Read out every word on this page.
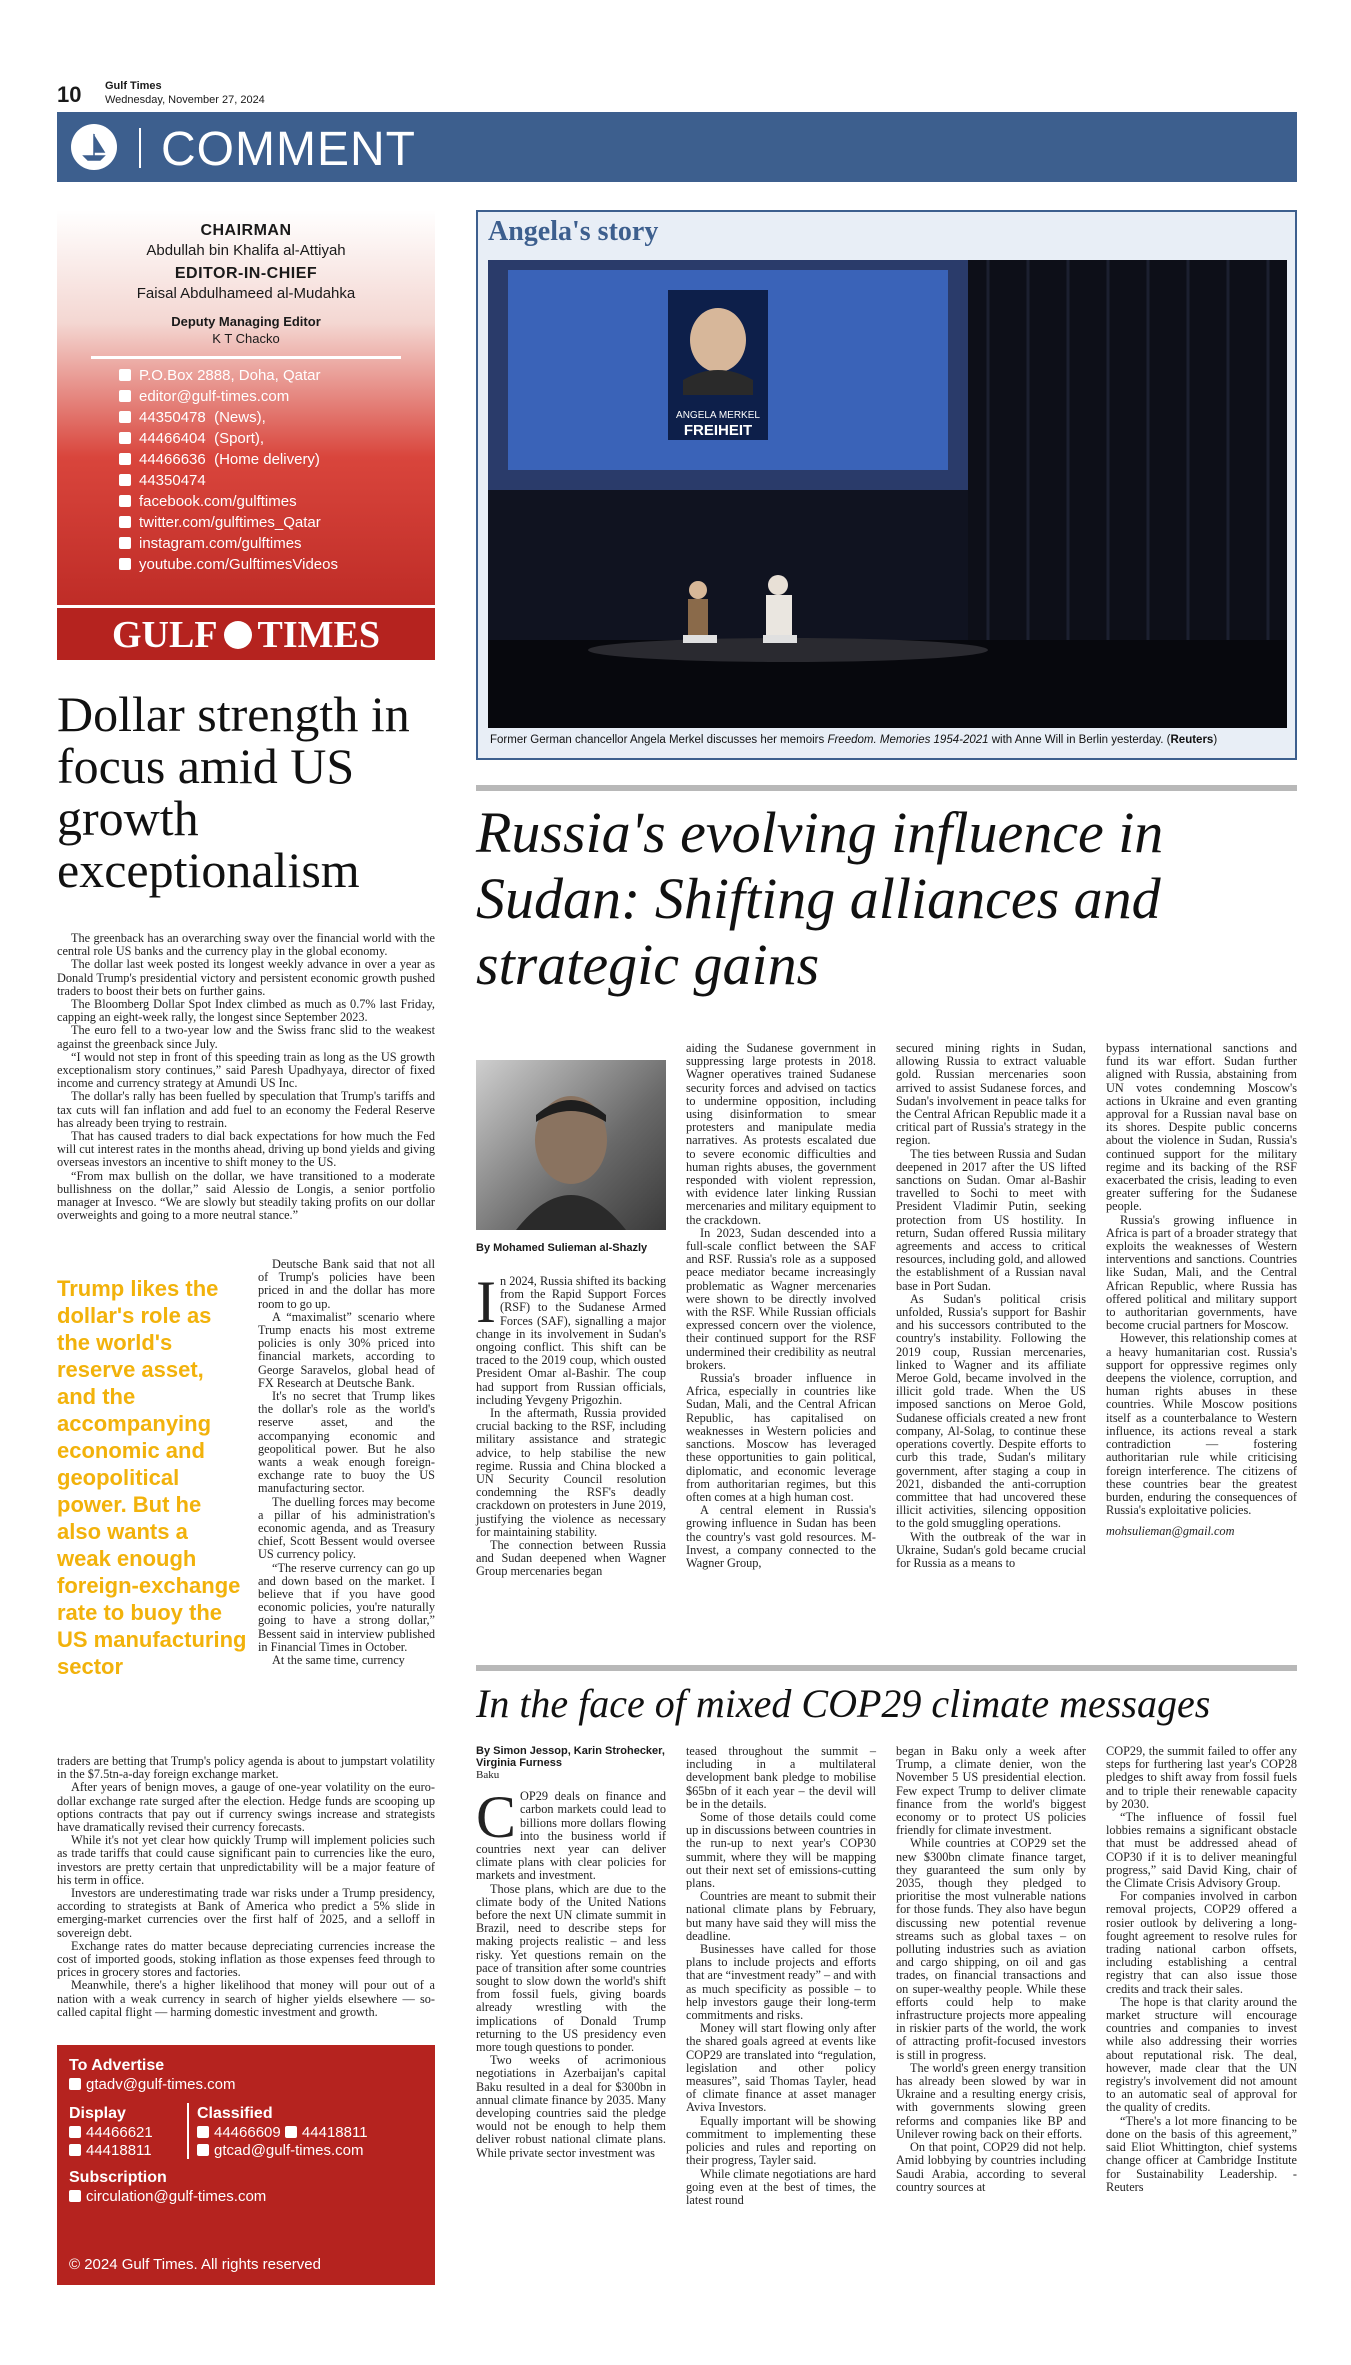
10 Gulf Times
Wednesday, November 27, 2024
COMMENT
CHAIRMAN
Abdullah bin Khalifa al-Attiyah
EDITOR-IN-CHIEF
Faisal Abdulhameed al-Mudahka
Deputy Managing Editor
K T Chacko
P.O.Box 2888, Doha, Qatar
editor@gulf-times.com
44350478  (News),
44466404  (Sport),
44466636  (Home delivery)
44350474
facebook.com/gulftimes
twitter.com/gulftimes_Qatar
instagram.com/gulftimes
youtube.com/GulftimesVideos
GULF TIMES
Dollar strength in focus amid US growth exceptionalism

The greenback has an overarching sway over the financial world with the central role US banks and the currency play in the global economy.

The dollar last week posted its longest weekly advance in over a year as Donald Trump's presidential victory and persistent economic growth pushed traders to boost their bets on further gains.

The Bloomberg Dollar Spot Index climbed as much as 0.7% last Friday, capping an eight-week rally, the longest since September 2023.

The euro fell to a two-year low and the Swiss franc slid to the weakest against the greenback since July.

“I would not step in front of this speeding train as long as the US growth exceptionalism story continues,” said Paresh Upadhyaya, director of fixed income and currency strategy at Amundi US Inc.

The dollar's rally has been fuelled by speculation that Trump's tariffs and tax cuts will fan inflation and add fuel to an economy the Federal Reserve has already been trying to restrain.

That has caused traders to dial back expectations for how much the Fed will cut interest rates in the months ahead, driving up bond yields and giving overseas investors an incentive to shift money to the US.

“From max bullish on the dollar, we have transitioned to a moderate bullishness on the dollar,” said Alessio de Longis, a senior portfolio manager at Invesco. “We are slowly but steadily taking profits on our dollar overweights and going to a more neutral stance.”

Trump likes the dollar's role as the world's reserve asset, and the accompanying economic and geopolitical power. But he also wants a weak enough foreign-exchange rate to buoy the US manufacturing sector

Deutsche Bank said that not all of Trump's policies have been priced in and the dollar has more room to go up.

A “maximalist” scenario where Trump enacts his most extreme policies is only 30% priced into financial markets, according to George Saravelos, global head of FX Research at Deutsche Bank.

It's no secret that Trump likes the dollar's role as the world's reserve asset, and the accompanying economic and geopolitical power. But he also wants a weak enough foreign-exchange rate to buoy the US manufacturing sector.

The duelling forces may become a pillar of his administration's economic agenda, and as Treasury chief, Scott Bessent would oversee US currency policy.

“The reserve currency can go up and down based on the market. I believe that if you have good economic policies, you're naturally going to have a strong dollar,” Bessent said in interview published in Financial Times in October.

At the same time, currency

traders are betting that Trump's policy agenda is about to jumpstart volatility in the $7.5tn-a-day foreign exchange market.

After years of benign moves, a gauge of one-year volatility on the euro-dollar exchange rate surged after the election. Hedge funds are scooping up options contracts that pay out if currency swings increase and strategists have dramatically revised their currency forecasts.

While it's not yet clear how quickly Trump will implement policies such as trade tariffs that could cause significant pain to currencies like the euro, investors are pretty certain that unpredictability will be a major feature of his term in office.

Investors are underestimating trade war risks under a Trump presidency, according to strategists at Bank of America who predict a 5% slide in emerging-market currencies over the first half of 2025, and a selloff in sovereign debt.

Exchange rates do matter because depreciating currencies increase the cost of imported goods, stoking inflation as those expenses feed through to prices in grocery stores and factories.

Meanwhile, there's a higher likelihood that money will pour out of a nation with a weak currency in search of higher yields elsewhere — so-called capital flight — harming domestic investment and growth.

To Advertise
gtadv@gulf-times.com
Display
44466621
44418811
Classified
44466609 44418811
gtcad@gulf-times.com
Subscription
circulation@gulf-times.com
© 2024 Gulf Times. All rights reserved
Angela's story
ANGELA MERKEL
FREIHEIT
Former German chancellor Angela Merkel discusses her memoirs Freedom. Memories 1954-2021 with Anne Will in Berlin yesterday. (Reuters)
Russia's evolving influence in Sudan: Shifting alliances and strategic gains
By Mohamed Sulieman al-Shazly

In 2024, Russia shifted its backing from the Rapid Support Forces (RSF) to the Sudanese Armed Forces (SAF), signalling a major change in its involvement in Sudan's ongoing conflict. This shift can be traced to the 2019 coup, which ousted President Omar al-Bashir. The coup had support from Russian officials, including Yevgeny Prigozhin.

In the aftermath, Russia provided crucial backing to the RSF, including military assistance and strategic advice, to help stabilise the new regime. Russia and China blocked a UN Security Council resolution condemning the RSF's deadly crackdown on protesters in June 2019, justifying the violence as necessary for maintaining stability.

The connection between Russia and Sudan deepened when Wagner Group mercenaries began

aiding the Sudanese government in suppressing large protests in 2018. Wagner operatives trained Sudanese security forces and advised on tactics to undermine opposition, including using disinformation to smear protesters and manipulate media narratives. As protests escalated due to severe economic difficulties and human rights abuses, the government responded with violent repression, with evidence later linking Russian mercenaries and military equipment to the crackdown.

In 2023, Sudan descended into a full-scale conflict between the SAF and RSF. Russia's role as a supposed peace mediator became increasingly problematic as Wagner mercenaries were shown to be directly involved with the RSF. While Russian officials expressed concern over the violence, their continued support for the RSF undermined their credibility as neutral brokers.

Russia's broader influence in Africa, especially in countries like Sudan, Mali, and the Central African Republic, has capitalised on weaknesses in Western policies and sanctions. Moscow has leveraged these opportunities to gain political, diplomatic, and economic leverage from authoritarian regimes, but this often comes at a high human cost.

A central element in Russia's growing influence in Sudan has been the country's vast gold resources. M-Invest, a company connected to the Wagner Group,

secured mining rights in Sudan, allowing Russia to extract valuable gold. Russian mercenaries soon arrived to assist Sudanese forces, and Sudan's involvement in peace talks for the Central African Republic made it a critical part of Russia's strategy in the region.

The ties between Russia and Sudan deepened in 2017 after the US lifted sanctions on Sudan. Omar al-Bashir travelled to Sochi to meet with President Vladimir Putin, seeking protection from US hostility. In return, Sudan offered Russia military agreements and access to critical resources, including gold, and allowed the establishment of a Russian naval base in Port Sudan.

As Sudan's political crisis unfolded, Russia's support for Bashir and his successors contributed to the country's instability. Following the 2019 coup, Russian mercenaries, linked to Wagner and its affiliate Meroe Gold, became involved in the illicit gold trade. When the US imposed sanctions on Meroe Gold, Sudanese officials created a new front company, Al-Solag, to continue these operations covertly. Despite efforts to curb this trade, Sudan's military government, after staging a coup in 2021, disbanded the anti-corruption committee that had uncovered these illicit activities, silencing opposition to the gold smuggling operations.

With the outbreak of the war in Ukraine, Sudan's gold became crucial for Russia as a means to

bypass international sanctions and fund its war effort. Sudan further aligned with Russia, abstaining from UN votes condemning Moscow's actions in Ukraine and even granting approval for a Russian naval base on its shores. Despite public concerns about the violence in Sudan, Russia's continued support for the military regime and its backing of the RSF exacerbated the crisis, leading to even greater suffering for the Sudanese people.

Russia's growing influence in Africa is part of a broader strategy that exploits the weaknesses of Western interventions and sanctions. Countries like Sudan, Mali, and the Central African Republic, where Russia has offered political and military support to authoritarian governments, have become crucial partners for Moscow.

However, this relationship comes at a heavy humanitarian cost. Russia's support for oppressive regimes only deepens the violence, corruption, and human rights abuses in these countries. While Moscow positions itself as a counterbalance to Western influence, its actions reveal a stark contradiction — fostering authoritarian rule while criticising foreign interference. The citizens of these countries bear the greatest burden, enduring the consequences of Russia's exploitative policies.

mohsulieman@gmail.com

In the face of mixed COP29 climate messages
By Simon Jessop, Karin Strohecker, Virginia Furness
Baku

COP29 deals on finance and carbon markets could lead to billions more dollars flowing into the business world if countries next year can deliver climate plans with clear policies for markets and investment.

Those plans, which are due to the climate body of the United Nations before the next UN climate summit in Brazil, need to describe steps for making projects realistic – and less risky. Yet questions remain on the pace of transition after some countries sought to slow down the world's shift from fossil fuels, giving boards already wrestling with the implications of Donald Trump returning to the US presidency even more tough questions to ponder.

Two weeks of acrimonious negotiations in Azerbaijan's capital Baku resulted in a deal for $300bn in annual climate finance by 2035. Many developing countries said the pledge would not be enough to help them deliver robust national climate plans. While private sector investment was

teased throughout the summit – including in a multilateral development bank pledge to mobilise $65bn of it each year – the devil will be in the details.

Some of those details could come up in discussions between countries in the run-up to next year's COP30 summit, where they will be mapping out their next set of emissions-cutting plans.

Countries are meant to submit their national climate plans by February, but many have said they will miss the deadline.

Businesses have called for those plans to include projects and efforts that are “investment ready” – and with as much specificity as possible – to help investors gauge their long-term commitments and risks.

Money will start flowing only after the shared goals agreed at events like COP29 are translated into “regulation, legislation and other policy measures”, said Thomas Tayler, head of climate finance at asset manager Aviva Investors.

Equally important will be showing commitment to implementing these policies and rules and reporting on their progress, Tayler said.

While climate negotiations are hard going even at the best of times, the latest round

began in Baku only a week after Trump, a climate denier, won the November 5 US presidential election. Few expect Trump to deliver climate finance from the world's biggest economy or to protect US policies friendly for climate investment.

While countries at COP29 set the new $300bn climate finance target, they guaranteed the sum only by 2035, though they pledged to prioritise the most vulnerable nations for those funds. They also have begun discussing new potential revenue streams such as global taxes – on polluting industries such as aviation and cargo shipping, on oil and gas trades, on financial transactions and on super-wealthy people. While these efforts could help to make infrastructure projects more appealing in riskier parts of the world, the work of attracting profit-focused investors is still in progress.

The world's green energy transition has already been slowed by war in Ukraine and a resulting energy crisis, with governments slowing green reforms and companies like BP and Unilever rowing back on their efforts.

On that point, COP29 did not help. Amid lobbying by countries including Saudi Arabia, according to several country sources at

COP29, the summit failed to offer any steps for furthering last year's COP28 pledges to shift away from fossil fuels and to triple their renewable capacity by 2030.

“The influence of fossil fuel lobbies remains a significant obstacle that must be addressed ahead of COP30 if it is to deliver meaningful progress,” said David King, chair of the Climate Crisis Advisory Group.

For companies involved in carbon removal projects, COP29 offered a rosier outlook by delivering a long-fought agreement to resolve rules for trading national carbon offsets, including establishing a central registry that can also issue those credits and track their sales.

The hope is that clarity around the market structure will encourage countries and companies to invest while also addressing their worries about reputational risk. The deal, however, made clear that the UN registry's involvement did not amount to an automatic seal of approval for the quality of credits.

“There's a lot more financing to be done on the basis of this agreement,” said Eliot Whittington, chief systems change officer at Cambridge Institute for Sustainability Leadership. - Reuters
